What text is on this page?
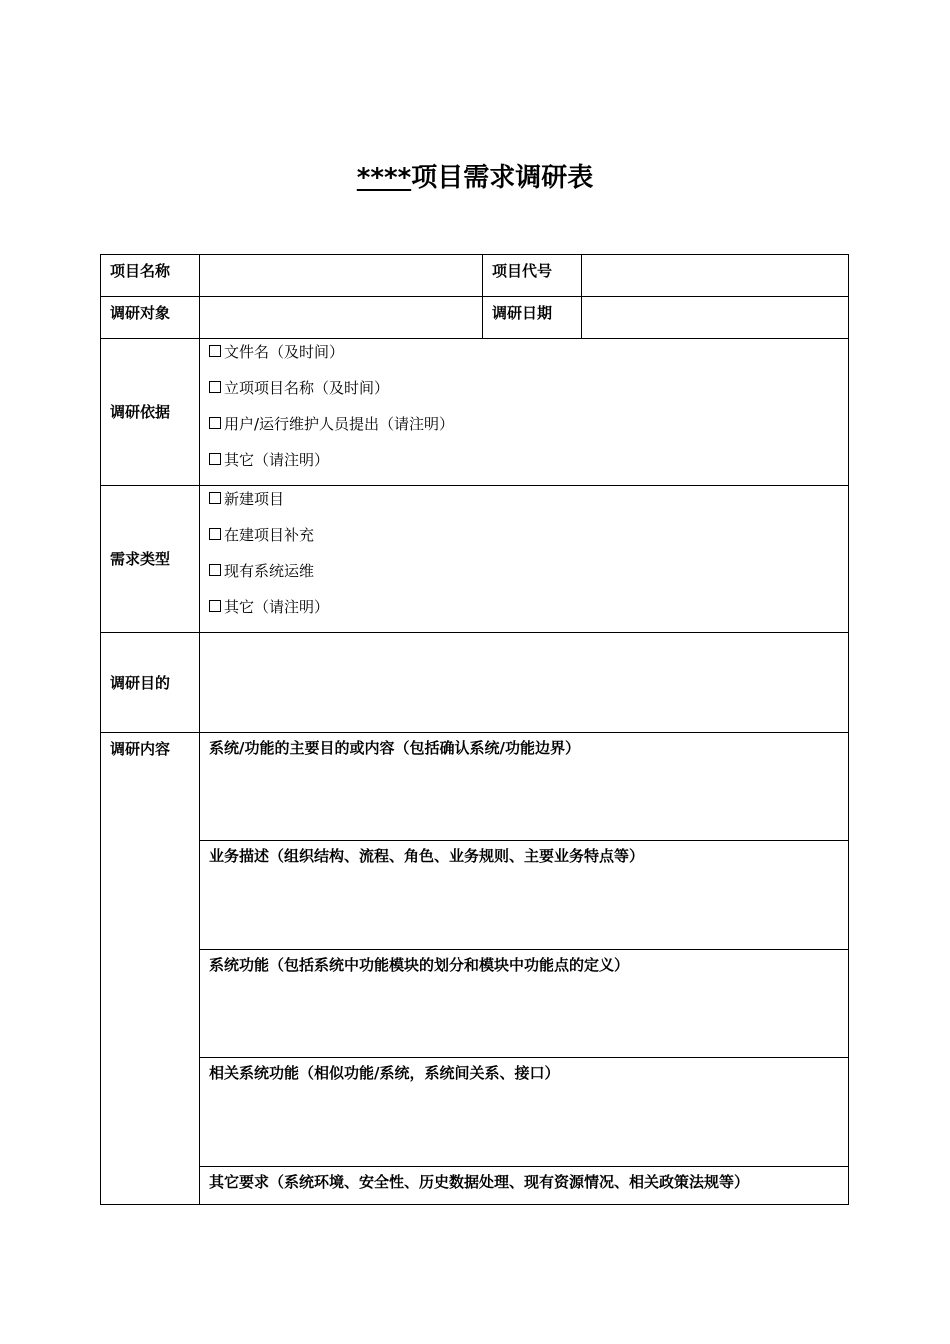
****项目需求调研表
项目名称		项目代号	
调研对象		调研日期	
调研依据	文件名（及时间）
立项项目名称（及时间）
用户/运行维护人员提出（请注明）
其它（请注明）		

需求类型	新建项目
在建项目补充
现有系统运维
其它（请注明）		

调研目的			
调研内容	系统/功能的主要目的或内容（包括确认系统/功能边界）		
	业务描述（组织结构、流程、角色、业务规则、主要业务特点等）		
	系统功能（包括系统中功能模块的划分和模块中功能点的定义）		
	相关系统功能（相似功能/系统，系统间关系、接口）		
	其它要求（系统环境、安全性、历史数据处理、现有资源情况、相关政策法规等）		
